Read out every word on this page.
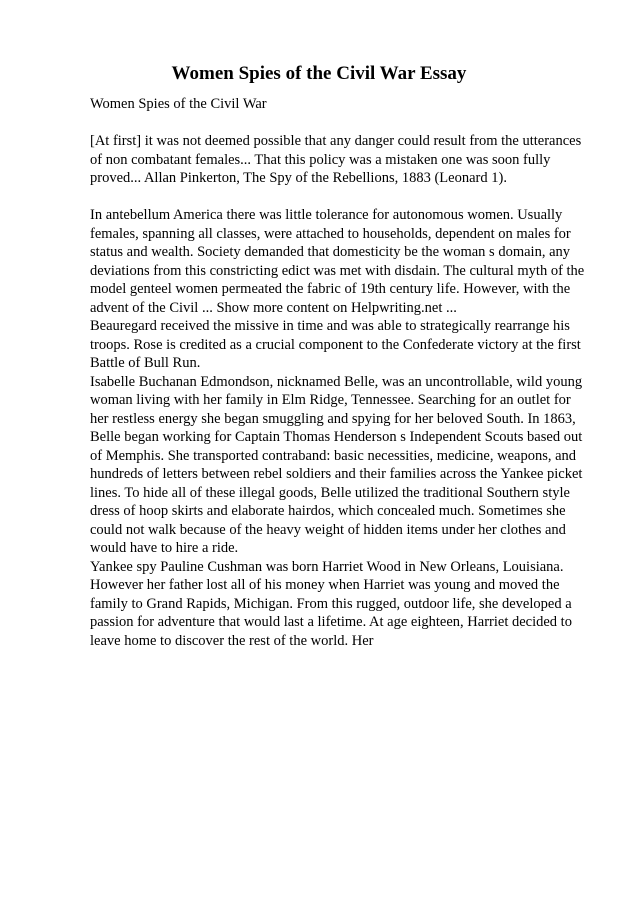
Women Spies of the Civil War Essay

Women Spies of the Civil War

[At first] it was not deemed possible that any danger could result from the utterances of non combatant females... That this policy was a mistaken one was soon fully proved... Allan Pinkerton, The Spy of the Rebellions, 1883 (Leonard 1).

In antebellum America there was little tolerance for autonomous women. Usually females, spanning all classes, were attached to households, dependent on males for status and wealth. Society demanded that domesticity be the woman s domain, any deviations from this constricting edict was met with disdain. The cultural myth of the model genteel women permeated the fabric of 19th century life. However, with the advent of the Civil ... Show more content on Helpwriting.net ...

Beauregard received the missive in time and was able to strategically rearrange his troops. Rose is credited as a crucial component to the Confederate victory at the first Battle of Bull Run.

Isabelle Buchanan Edmondson, nicknamed Belle, was an uncontrollable, wild young woman living with her family in Elm Ridge, Tennessee. Searching for an outlet for her restless energy she began smuggling and spying for her beloved South. In 1863, Belle began working for Captain Thomas Henderson s Independent Scouts based out of Memphis. She transported contraband: basic necessities, medicine, weapons, and hundreds of letters between rebel soldiers and their families across the Yankee picket lines. To hide all of these illegal goods, Belle utilized the traditional Southern style dress of hoop skirts and elaborate hairdos, which concealed much. Sometimes she could not walk because of the heavy weight of hidden items under her clothes and would have to hire a ride.

Yankee spy Pauline Cushman was born Harriet Wood in New Orleans, Louisiana. However her father lost all of his money when Harriet was young and moved the family to Grand Rapids, Michigan. From this rugged, outdoor life, she developed a passion for adventure that would last a lifetime. At age eighteen, Harriet decided to leave home to discover the rest of the world. Her
